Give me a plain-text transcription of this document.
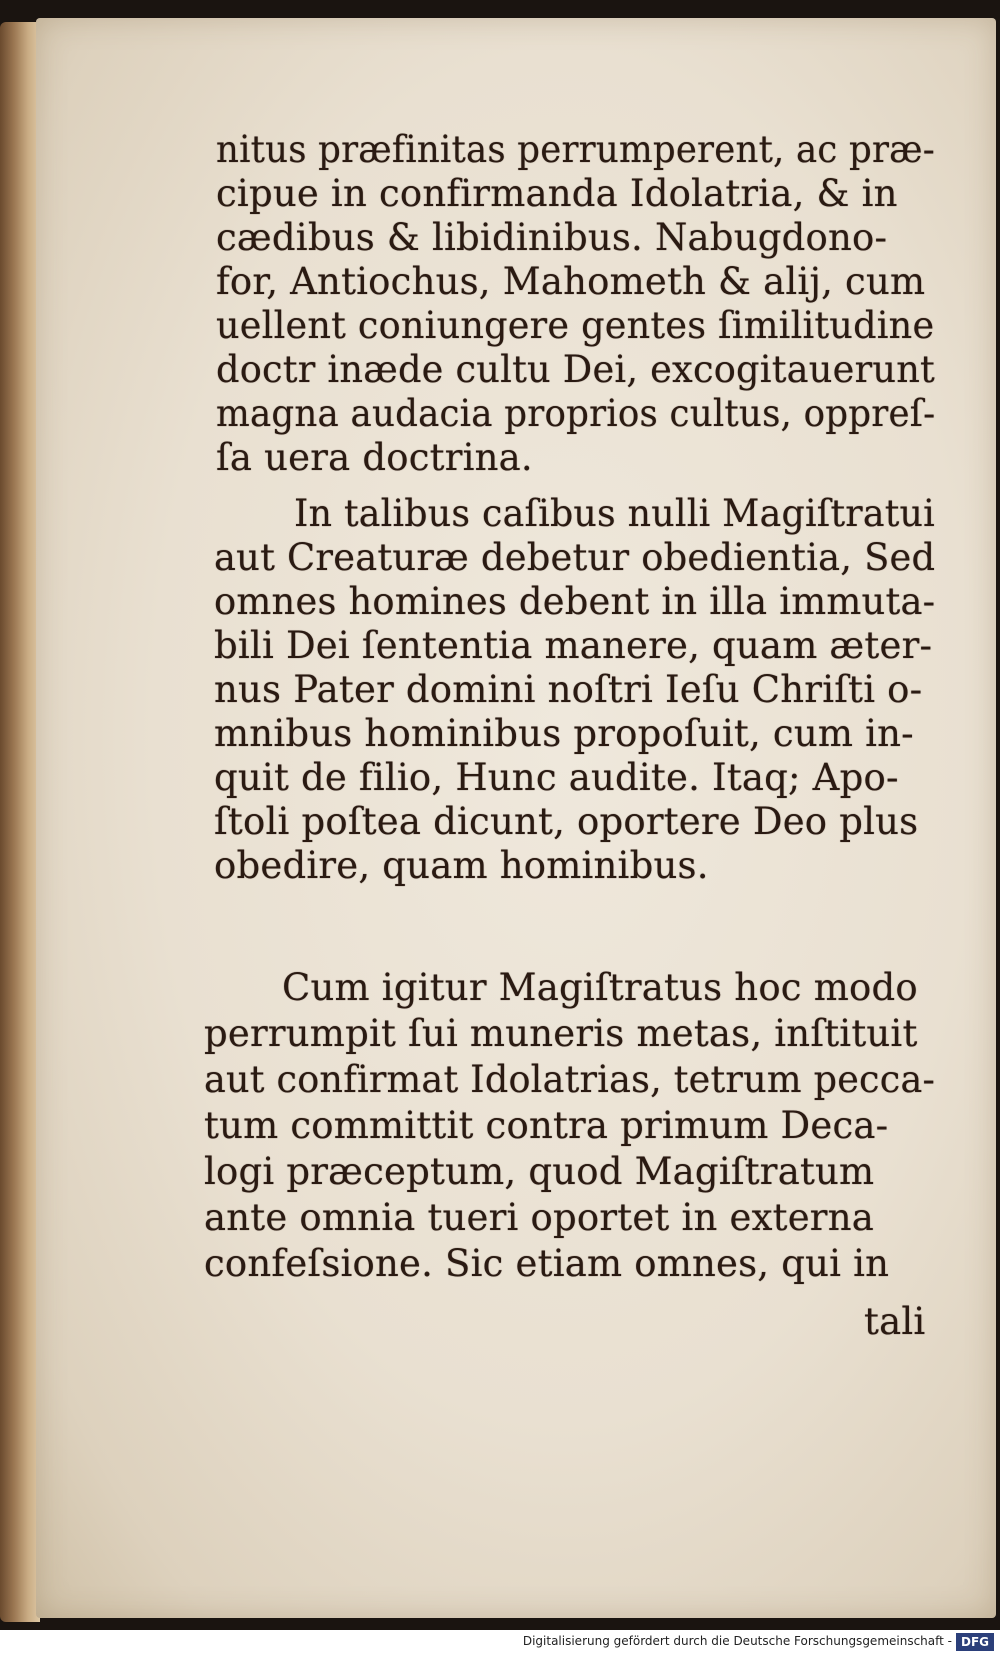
nitus præfinitas perrumperent, ac præ-
cipue in confirmanda Idolatria, & in
cædibus & libidinibus. Nabugdono-
for, Antiochus, Mahometh & alij, cum
uellent coniungere gentes ſimilitudine
doctr inæde cultu Dei, excogitauerunt
magna audacia proprios cultus, oppreſ-
ſa uera doctrina.
In talibus caſibus nulli Magiſtratui
aut Creaturæ debetur obedientia, Sed
omnes homines debent in illa immuta-
bili Dei ſententia manere, quam æter-
nus Pater domini noſtri Ieſu Chriſti o-
mnibus hominibus propoſuit, cum in-
quit de filio, Hunc audite. Itaq; Apo-
ſtoli poſtea dicunt, oportere Deo plus
obedire, quam hominibus.
Cum igitur Magiſtratus hoc modo
perrumpit ſui muneris metas, inſtituit
aut confirmat Idolatrias, tetrum pecca-
tum committit contra primum Deca-
logi præceptum, quod Magiſtratum
ante omnia tueri oportet in externa
confeſsione. Sic etiam omnes, qui in
tali
Digitalisierung gefördert durch die Deutsche Forschungsgemeinschaft - DFG
